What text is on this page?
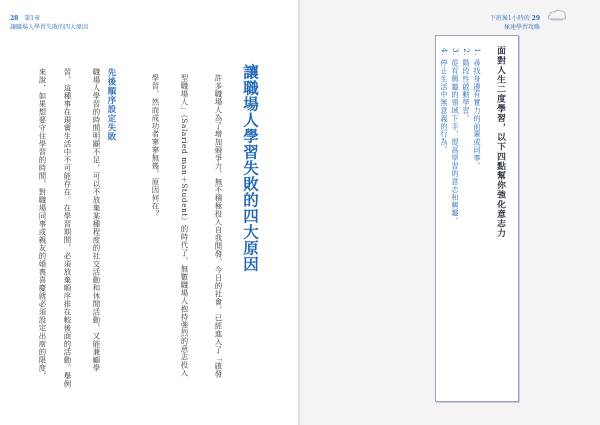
28 第1章
讓職場人學習失敗的四大原因
讓職場人學習失敗的四大原因
許多職場人為了增加競爭力，無不積極投入自我開發。今日的社會，已經進入了「啟發
型職場人」（Salaried man＋Student）的時代了，無數職場人抱持強烈的意志投入
學習，然而成功者寥寥無幾，原因何在？
先後順序設定失敗
職場人學習的時間明顯不足，可以不放棄某種程度的社交活動和休閒活動，又能兼顧學
習，這種事在現實生活中不可能存在。在學習期間，必須放棄順序排在較後面的活動。舉例
來說，如果想要守住學習的時間，對職場同事或親友的婚喪喜慶就必須設定出席的限度，
下班後1小時的 29
極速學習攻略
面對人生二度學習，以下四點幫你強化意志力
1. 尋找身邊有實力的前輩或同事。
2. 階段性啟動學習。
3. 從有興趣的領域下手，提高學習的意志和興趣。
4. 停止生活中無意義的行為。
